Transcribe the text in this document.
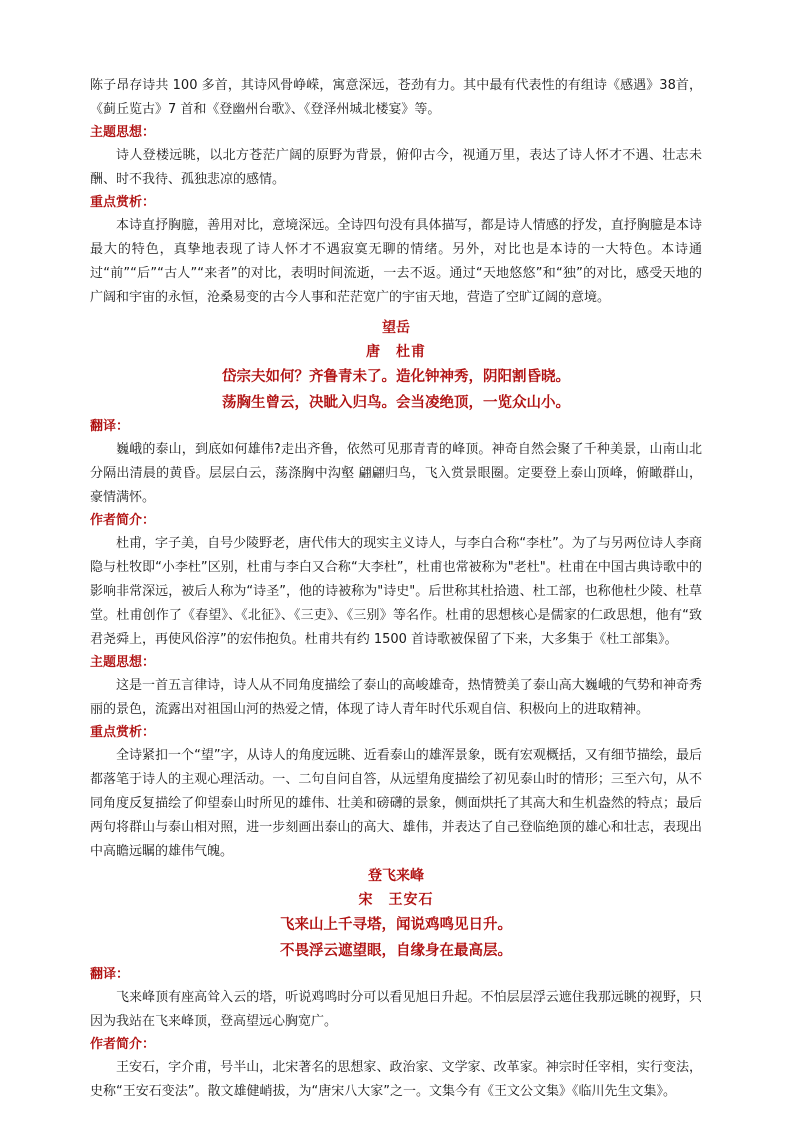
陈子昂存诗共 100 多首，其诗风骨峥嵘，寓意深远，苍劲有力。其中最有代表性的有组诗《感遇》38首，《蓟丘览古》7 首和《登幽州台歌》、《登泽州城北楼宴》等。

主题思想：

诗人登楼远眺，以北方苍茫广阔的原野为背景，俯仰古今，视通万里，表达了诗人怀才不遇、壮志未酬、时不我待、孤独悲凉的感情。

重点赏析：

本诗直抒胸臆，善用对比，意境深远。全诗四句没有具体描写，都是诗人情感的抒发，直抒胸臆是本诗最大的特色，真挚地表现了诗人怀才不遇寂寞无聊的情绪。另外，对比也是本诗的一大特色。本诗通过“前”“后”“古人”“来者”的对比，表明时间流逝，一去不返。通过“天地悠悠”和“独”的对比，感受天地的广阔和宇宙的永恒，沧桑易变的古今人事和茫茫宽广的宇宙天地，营造了空旷辽阔的意境。

望岳

唐　杜甫

岱宗夫如何？齐鲁青未了。造化钟神秀，阴阳割昏晓。

荡胸生曾云，决眦入归鸟。会当凌绝顶，一览众山小。

翻译：

巍峨的泰山，到底如何雄伟?走出齐鲁，依然可见那青青的峰顶。神奇自然会聚了千种美景，山南山北分隔出清晨的黄昏。层层白云，荡涤胸中沟壑 翩翩归鸟，飞入赏景眼圈。定要登上泰山顶峰，俯瞰群山，豪情满怀。

作者简介：

杜甫，字子美，自号少陵野老，唐代伟大的现实主义诗人，与李白合称“李杜”。为了与另两位诗人李商隐与杜牧即“小李杜”区别，杜甫与李白又合称“大李杜”，杜甫也常被称为"老杜"。杜甫在中国古典诗歌中的影响非常深远，被后人称为“诗圣”，他的诗被称为"诗史"。后世称其杜拾遗、杜工部，也称他杜少陵、杜草堂。杜甫创作了《春望》、《北征》、《三吏》、《三别》等名作。杜甫的思想核心是儒家的仁政思想，他有“致君尧舜上，再使风俗淳”的宏伟抱负。杜甫共有约 1500 首诗歌被保留了下来，大多集于《杜工部集》。

主题思想：

这是一首五言律诗，诗人从不同角度描绘了泰山的高峻雄奇，热情赞美了泰山高大巍峨的气势和神奇秀丽的景色，流露出对祖国山河的热爱之情，体现了诗人青年时代乐观自信、积极向上的进取精神。

重点赏析：

全诗紧扣一个“望”字，从诗人的角度远眺、近看泰山的雄浑景象，既有宏观概括，又有细节描绘，最后都落笔于诗人的主观心理活动。一、二句自问自答，从远望角度描绘了初见泰山时的情形；三至六句，从不同角度反复描绘了仰望泰山时所见的雄伟、壮美和磅礴的景象，侧面烘托了其高大和生机盎然的特点；最后两句将群山与泰山相对照，进一步刻画出泰山的高大、雄伟，并表达了自己登临绝顶的雄心和壮志，表现出中高瞻远瞩的雄伟气魄。

登飞来峰

宋　王安石

飞来山上千寻塔，闻说鸡鸣见日升。

不畏浮云遮望眼，自缘身在最高层。

翻译：

飞来峰顶有座高耸入云的塔，听说鸡鸣时分可以看见旭日升起。不怕层层浮云遮住我那远眺的视野，只因为我站在飞来峰顶，登高望远心胸宽广。

作者简介：

王安石，字介甫，号半山，北宋著名的思想家、政治家、文学家、改革家。神宗时任宰相，实行变法，史称“王安石变法”。散文雄健峭拔，为“唐宋八大家”之一。文集今有《王文公文集》《临川先生文集》。
